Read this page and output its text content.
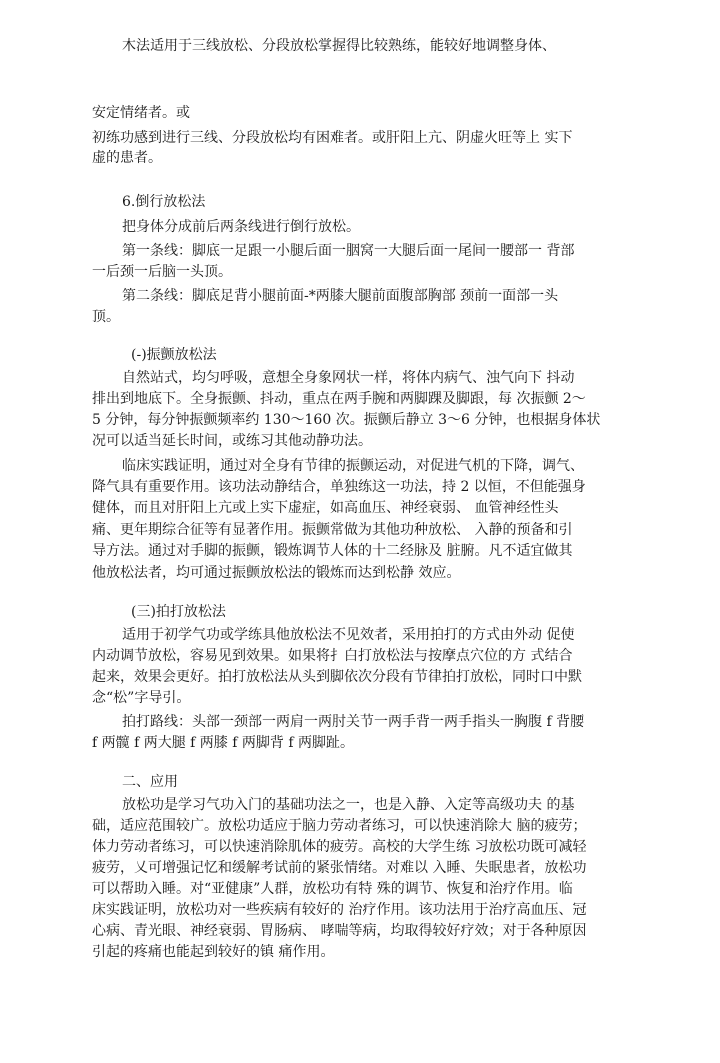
木法适用于三线放松、分段放松掌握得比较熟练，能较好地调整身体、

安定情绪者。或

初练功感到进行三线、分段放松均有困难者。或肝阳上亢、阴虚火旺等上 实下

虚的患者。

6.倒行放松法

把身体分成前后两条线进行倒行放松。

第一条线：脚底一足跟一小腿后面一胭窝一大腿后面一尾间一腰部一 背部

一后颈一后脑一头顶。

第二条线：脚底足背小腿前面-*两膝大腿前面腹部胸部 颈前一面部一头

顶。

(-)振颤放松法

自然站式，均匀呼吸，意想全身象网状一样，将体内病气、浊气向下 抖动

排出到地底下。全身振颤、抖动，重点在两手腕和两脚踝及脚跟，每 次振颤 2〜

5 分钟，每分钟振颤频率约 130〜160 次。振颤后静立 3〜6 分钟，也根据身体状

况可以适当延长时间，或练习其他动静功法。

临床实践证明，通过对全身有节律的振颤运动，对促进气机的下降，调气、

降气具有重要作用。该功法动静结合，单独练这一功法，持 2 以恒，不但能强身

健体，而且对肝阳上亢或上实下虚症，如高血压、神经衰弱、 血管神经性头

痛、更年期综合征等有显著作用。振颤常做为其他功种放松、 入静的预备和引

导方法。通过对手脚的振颤，锻炼调节人体的十二经脉及 脏腑。凡不适宜做其

他放松法者，均可通过振颤放松法的锻炼而达到松静 效应。

(三)拍打放松法

适用于初学气功或学练具他放松法不见效者，采用拍打的方式由外动 促使

内动调节放松，容易见到效果。如果将扌白打放松法与按摩点穴位的方 式结合

起来，效果会更好。拍打放松法从头到脚依次分段有节律拍打放松，同时口中默

念“松”字导引。

拍打路线：头部一颈部一两肩一两肘关节一两手背一两手指头一胸腹 f 背腰

f 两髋 f 两大腿 f 两膝 f 两脚背 f 两脚趾。

二、应用

放松功是学习气功入门的基础功法之一，也是入静、入定等高级功夫 的基

础，适应范围较广。放松功适应于脑力劳动者练习，可以快速消除大 脑的疲劳；

体力劳动者练习，可以快速消除肌体的疲劳。高校的大学生练 习放松功既可减轻

疲劳，乂可增强记忆和缓解考试前的紧张情绪。对难以 入睡、失眠患者，放松功

可以帮助入睡。对“亚健康”人群，放松功有特 殊的调节、恢复和治疗作用。临

床实践证明，放松功对一些疾病有较好的 治疗作用。该功法用于治疗高血压、冠

心病、青光眼、神经衰弱、胃肠病、 哮喘等病，均取得较好疗效；对于各种原因

引起的疼痛也能起到较好的镇 痛作用。
